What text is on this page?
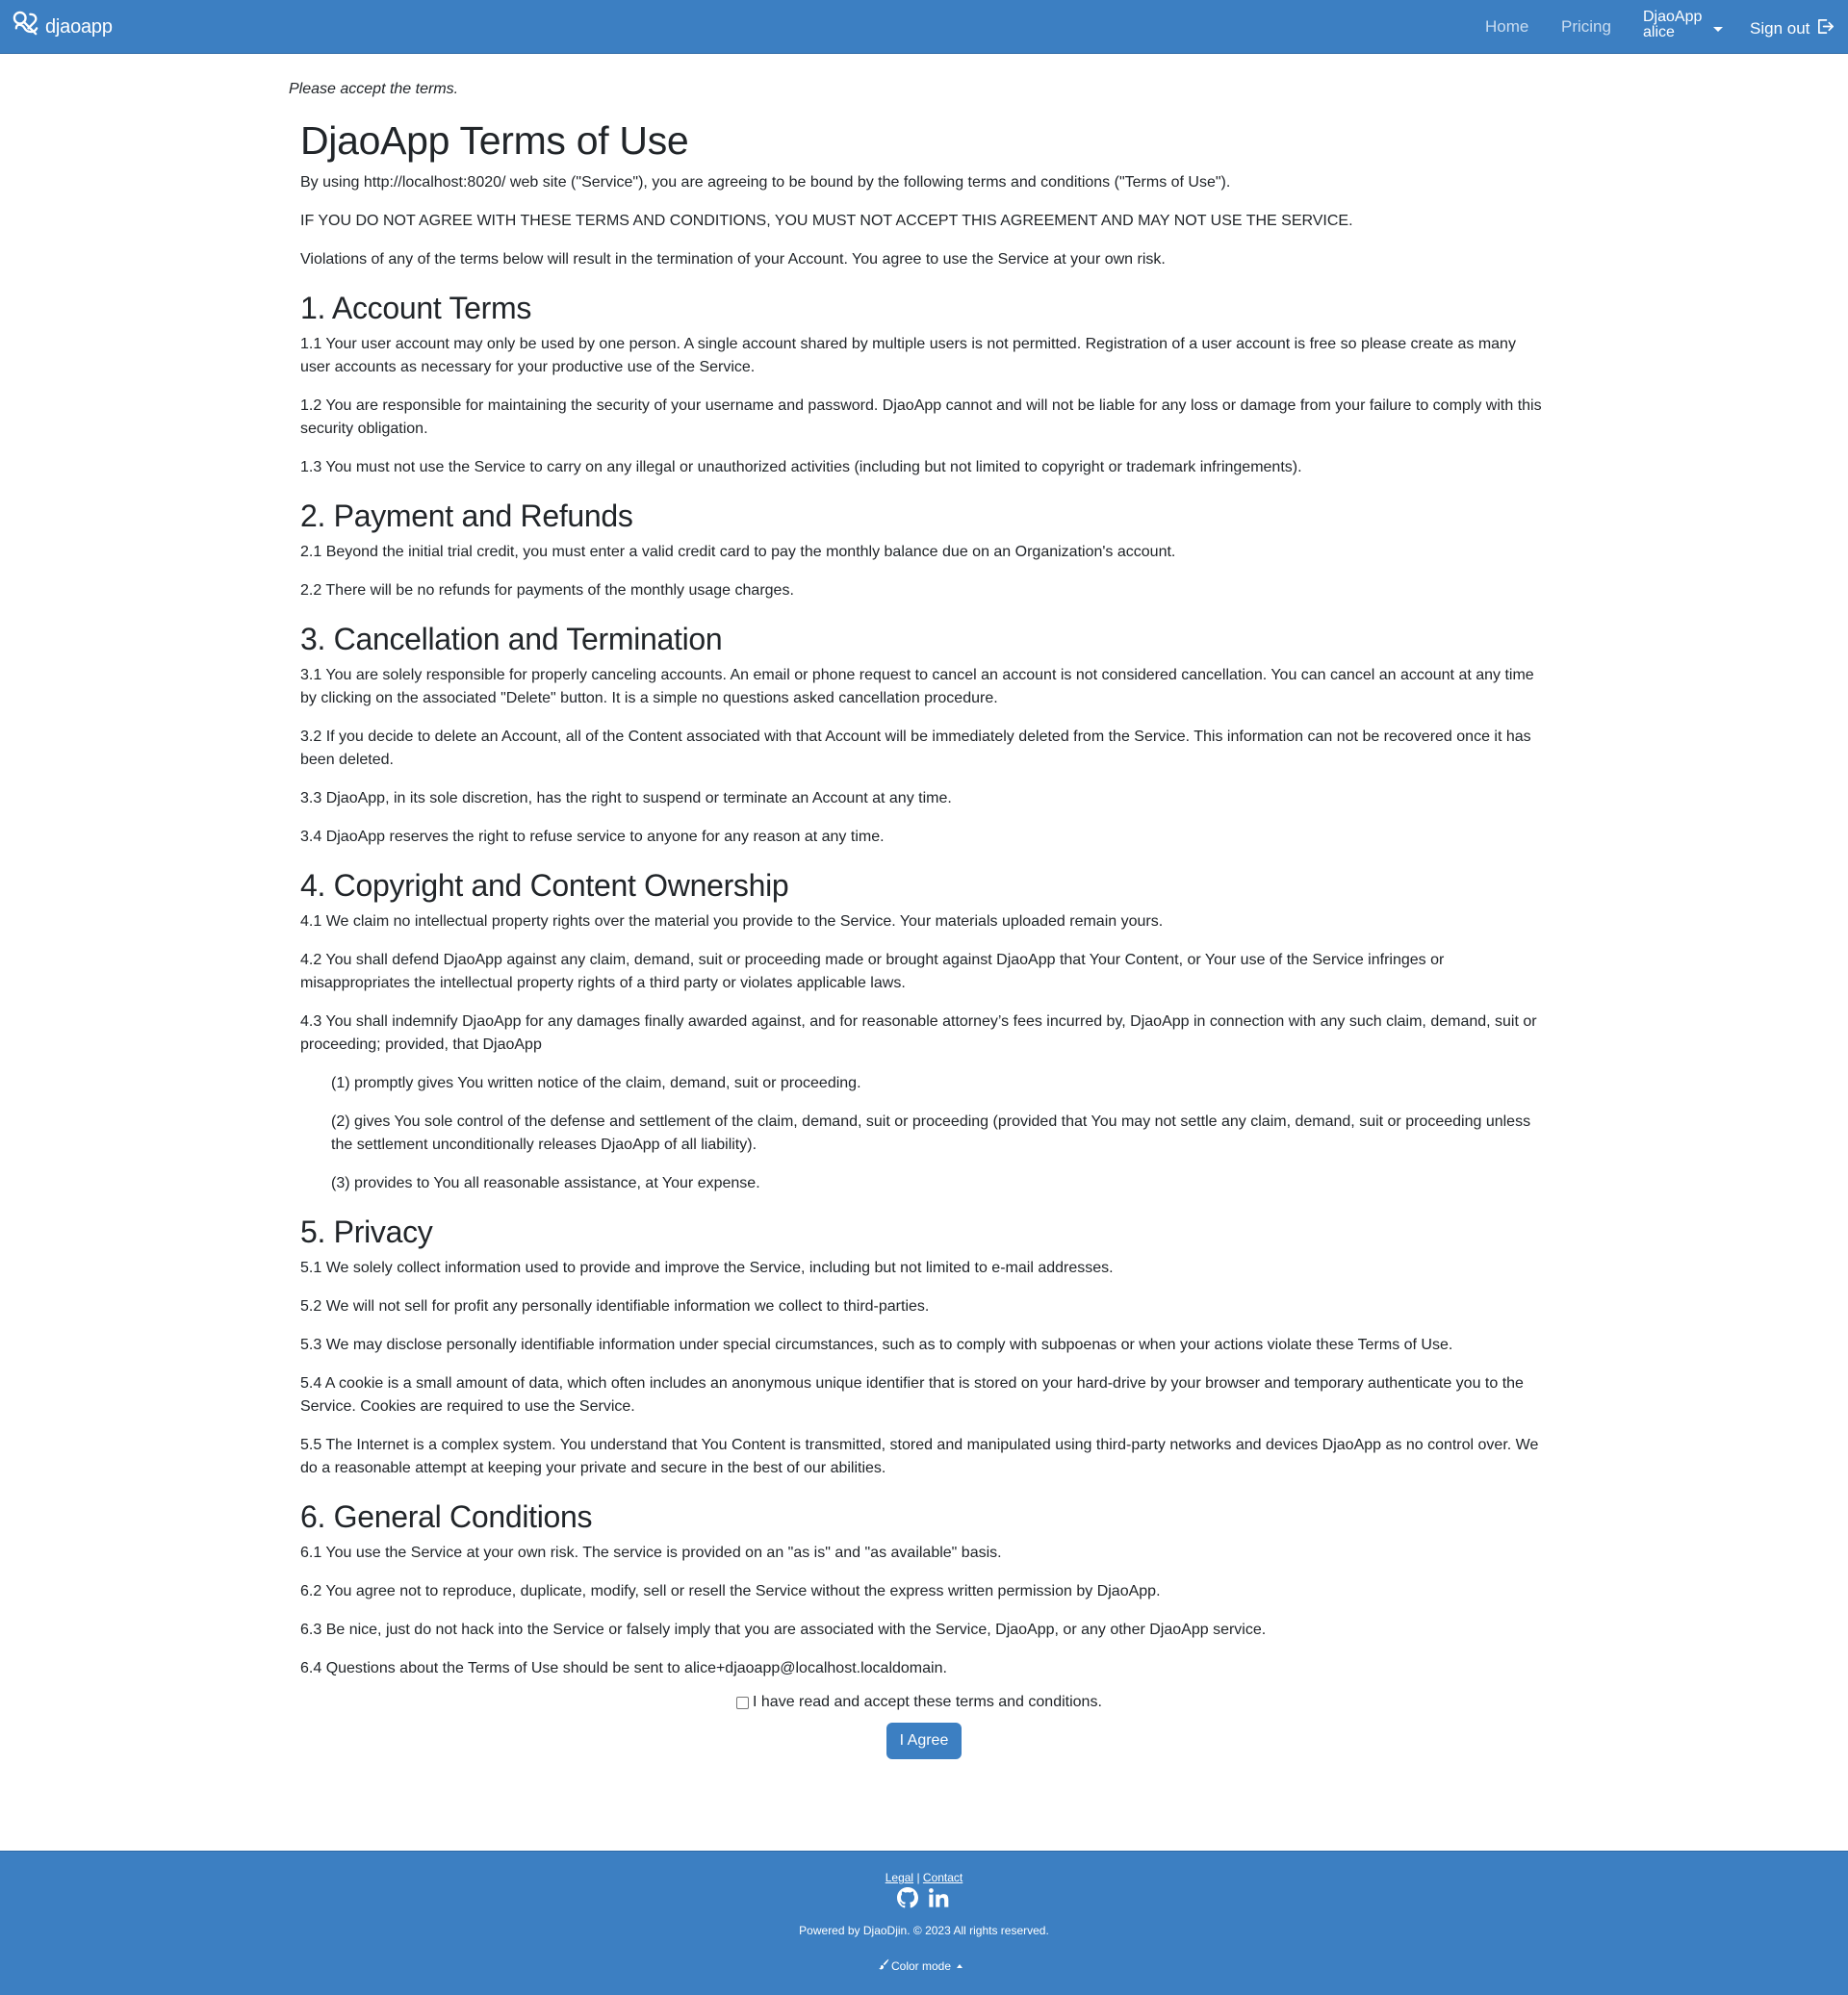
djaoapp	Home Pricing
DjaoApp
alice	Sign out
Please accept the terms.
DjaoApp Terms of Use

By using http://localhost:8020/ web site ("Service"), you are agreeing to be bound by the following terms and conditions ("Terms of Use").

IF YOU DO NOT AGREE WITH THESE TERMS AND CONDITIONS, YOU MUST NOT ACCEPT THIS AGREEMENT AND MAY NOT USE THE SERVICE.

Violations of any of the terms below will result in the termination of your Account. You agree to use the Service at your own risk.

1. Account Terms

1.1 Your user account may only be used by one person. A single account shared by multiple users is not permitted. Registration of a user account is free so please create as many user accounts as necessary for your productive use of the Service.

1.2 You are responsible for maintaining the security of your username and password. DjaoApp cannot and will not be liable for any loss or damage from your failure to comply with this security obligation.

1.3 You must not use the Service to carry on any illegal or unauthorized activities (including but not limited to copyright or trademark infringements).

2. Payment and Refunds

2.1 Beyond the initial trial credit, you must enter a valid credit card to pay the monthly balance due on an Organization's account.

2.2 There will be no refunds for payments of the monthly usage charges.

3. Cancellation and Termination

3.1 You are solely responsible for properly canceling accounts. An email or phone request to cancel an account is not considered cancellation. You can cancel an account at any time by clicking on the associated "Delete" button. It is a simple no questions asked cancellation procedure.

3.2 If you decide to delete an Account, all of the Content associated with that Account will be immediately deleted from the Service. This information can not be recovered once it has been deleted.

3.3 DjaoApp, in its sole discretion, has the right to suspend or terminate an Account at any time.

3.4 DjaoApp reserves the right to refuse service to anyone for any reason at any time.

4. Copyright and Content Ownership

4.1 We claim no intellectual property rights over the material you provide to the Service. Your materials uploaded remain yours.

4.2 You shall defend DjaoApp against any claim, demand, suit or proceeding made or brought against DjaoApp that Your Content, or Your use of the Service infringes or misappropriates the intellectual property rights of a third party or violates applicable laws.

4.3 You shall indemnify DjaoApp for any damages finally awarded against, and for reasonable attorney’s fees incurred by, DjaoApp in connection with any such claim, demand, suit or proceeding; provided, that DjaoApp

(1) promptly gives You written notice of the claim, demand, suit or proceeding.

(2) gives You sole control of the defense and settlement of the claim, demand, suit or proceeding (provided that You may not settle any claim, demand, suit or proceeding unless the settlement unconditionally releases DjaoApp of all liability).

(3) provides to You all reasonable assistance, at Your expense.

5. Privacy

5.1 We solely collect information used to provide and improve the Service, including but not limited to e-mail addresses.

5.2 We will not sell for profit any personally identifiable information we collect to third-parties.

5.3 We may disclose personally identifiable information under special circumstances, such as to comply with subpoenas or when your actions violate these Terms of Use.

5.4 A cookie is a small amount of data, which often includes an anonymous unique identifier that is stored on your hard-drive by your browser and temporary authenticate you to the Service. Cookies are required to use the Service.

5.5 The Internet is a complex system. You understand that You Content is transmitted, stored and manipulated using third-party networks and devices DjaoApp as no control over. We do a reasonable attempt at keeping your private and secure in the best of our abilities.

6. General Conditions

6.1 You use the Service at your own risk. The service is provided on an "as is" and "as available" basis.

6.2 You agree not to reproduce, duplicate, modify, sell or resell the Service without the express written permission by DjaoApp.

6.3 Be nice, just do not hack into the Service or falsely imply that you are associated with the Service, DjaoApp, or any other DjaoApp service.

6.4 Questions about the Terms of Use should be sent to alice+djaoapp@localhost.localdomain.

I have read and accept these terms and conditions.
I Agree
Legal | Contact
Powered by DjaoDjin. © 2023 All rights reserved.
Color mode
